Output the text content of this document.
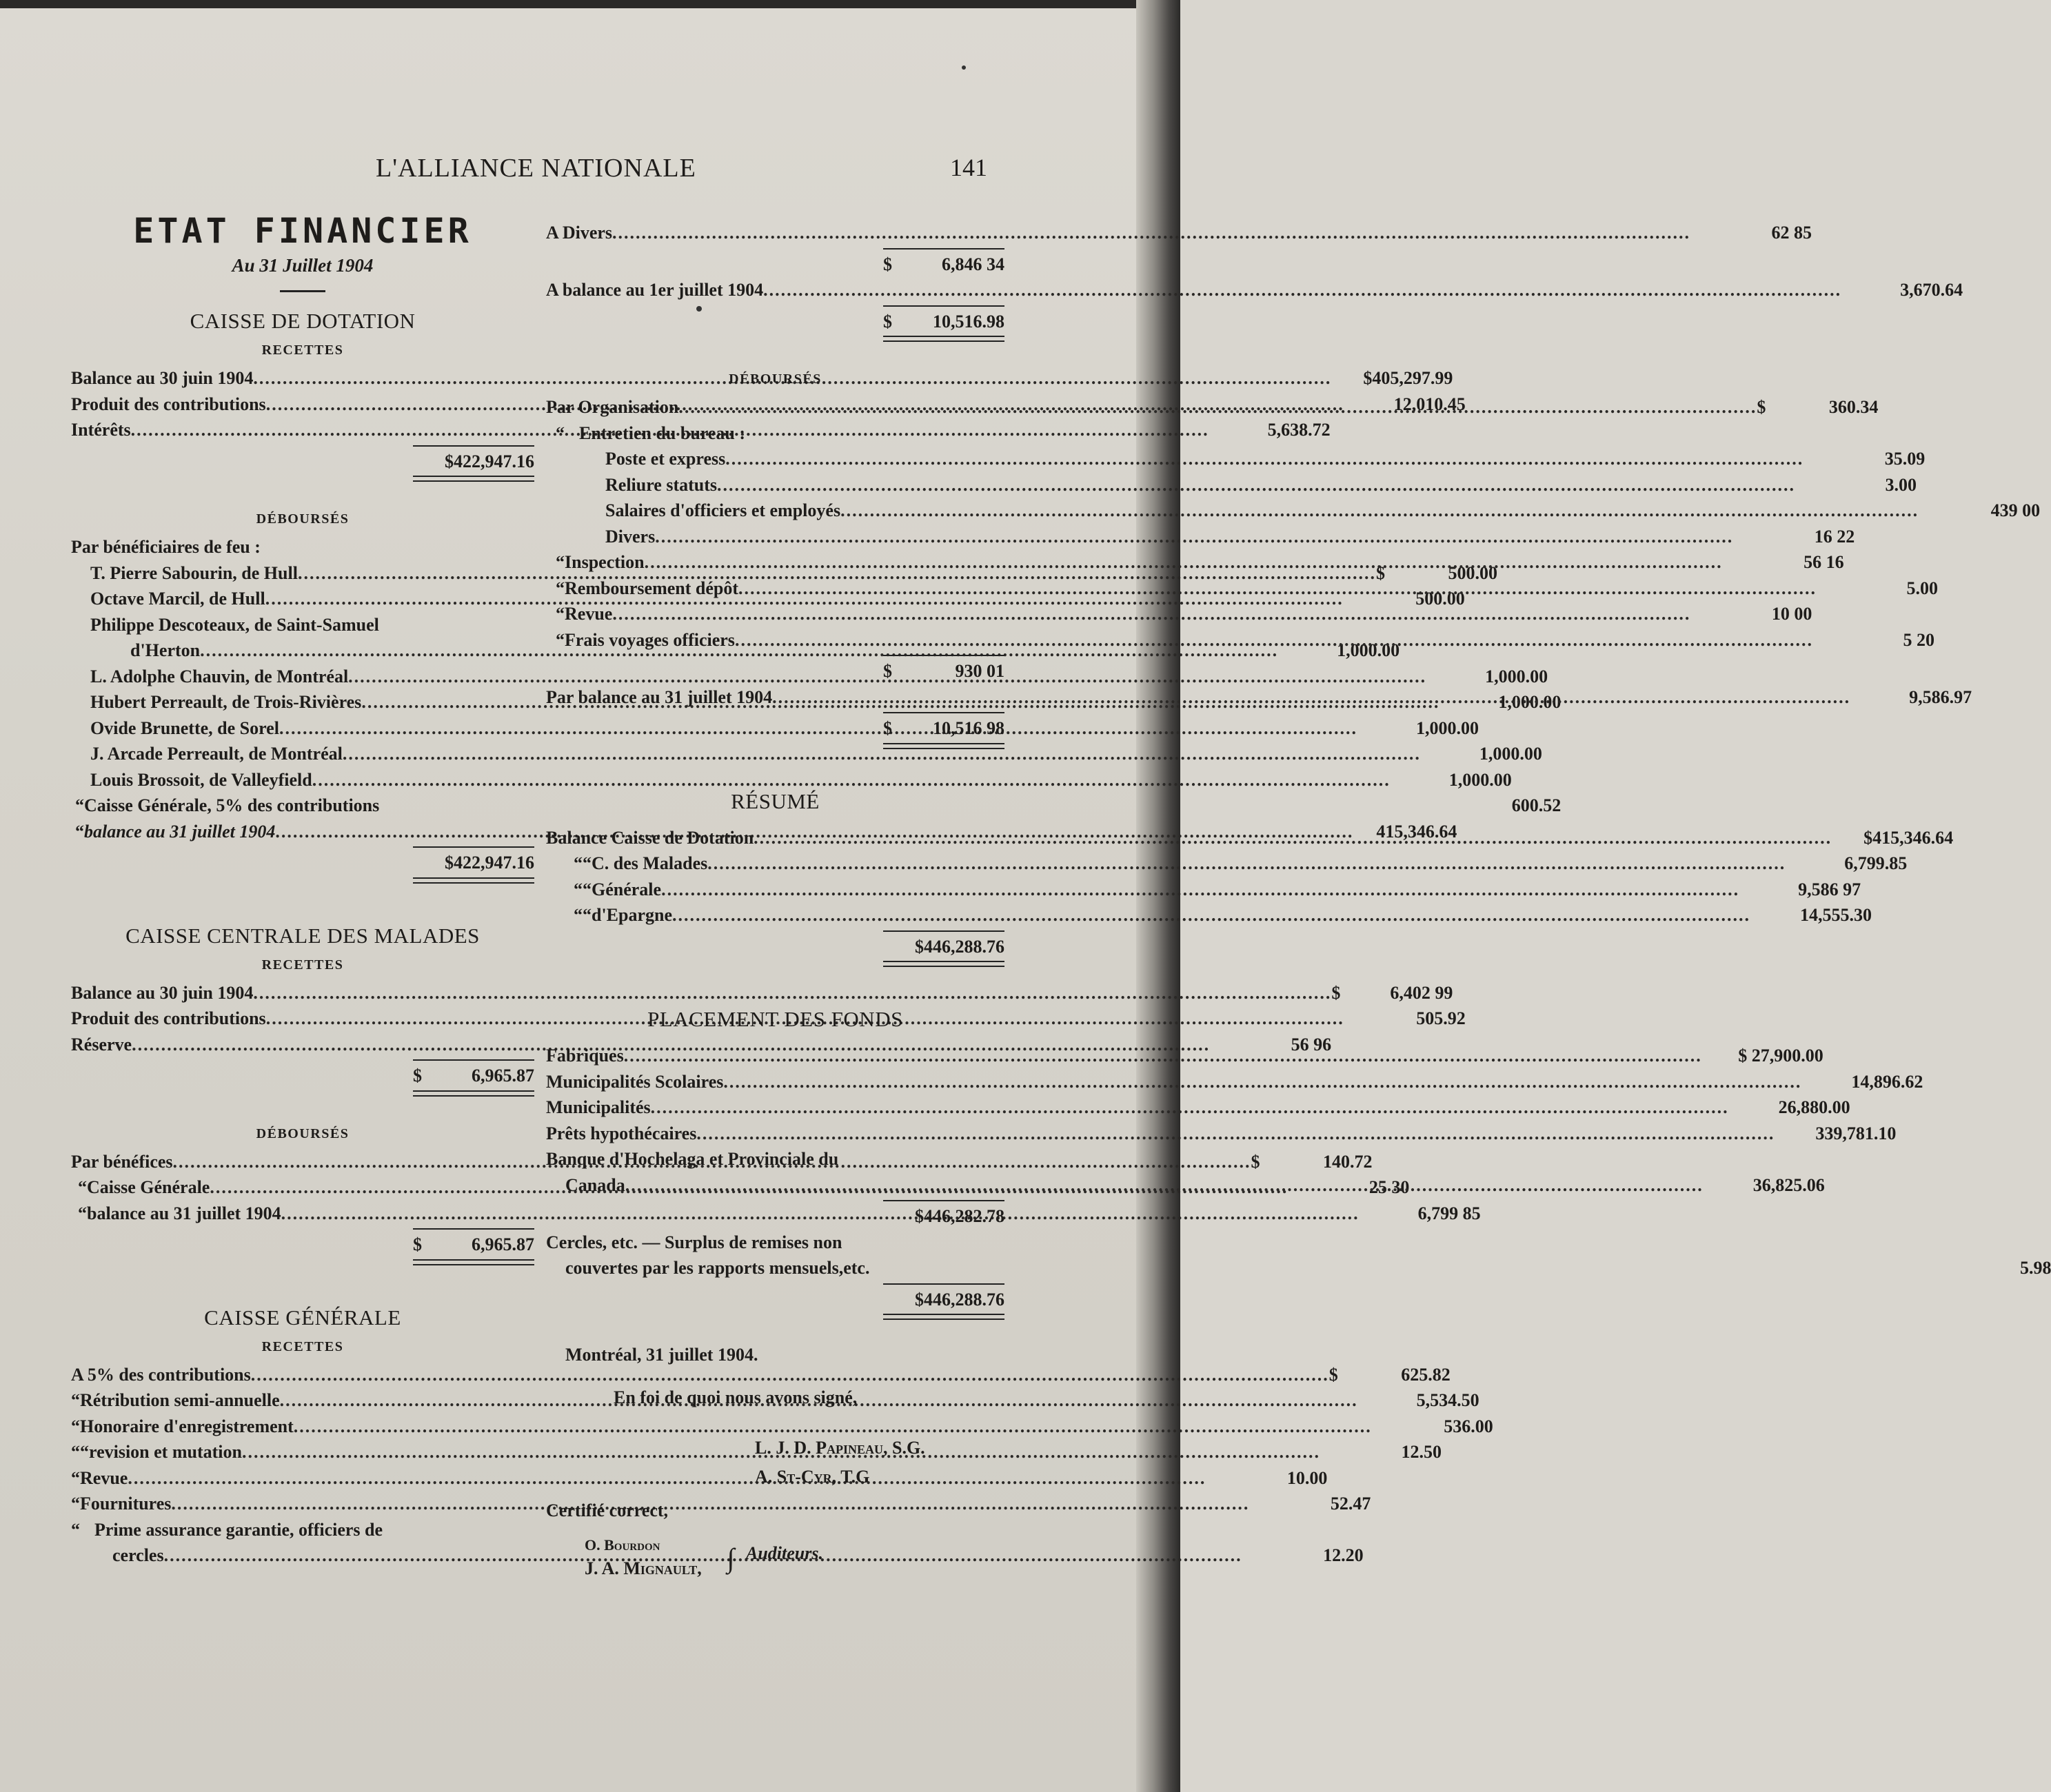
L'ALLIANCE NATIONALE	141
ETAT FINANCIER
Au 31 Juillet 1904
CAISSE DE DOTATION
RECETTES
Balance au 30 juin 1904 .....	$405,297.99
Produit des contributions .....	12,010.45
Intérêts .....	5,638.72
$422,947.16
DÉBOURSÉS
Par bénéficiaires de feu :
T. Pierre Sabourin, de Hull .....	$	500.00
Octave Marcil, de Hull .....	500.00
Philippe Descoteaux, de Saint-Samuel
d'Herton .....	1,000.00
L. Adolphe Chauvin, de Montréal .....	1,000.00
Hubert Perreault, de Trois-Rivières .....	1,000.00
Ovide Brunette, de Sorel .....	1,000.00
J. Arcade Perreault, de Montréal .....	1,000.00
Louis Brossoit, de Valleyfield .....	1,000.00
“ Caisse Générale, 5% des contributions	600.52
“ balance au 31 juillet 1904 .....	415,346.64
$422,947.16
CAISSE CENTRALE DES MALADES
RECETTES
Balance au 30 juin 1904 .....	$	6,402 99
Produit des contributions .....	505.92
Réserve .....	56 96
$	6,965.87
DÉBOURSÉS
Par bénéfices .....	$	140.72
“ Caisse Générale .....	25 30
“ balance au 31 juillet 1904 .....	6,799 85
$	6,965.87
CAISSE GÉNÉRALE
RECETTES
A 5% des contributions .....	$	625.82
“ Rétribution semi-annuelle .....	5,534.50
“ Honoraire d'enregistrement .....	536.00
“ “ revision et mutation .....	12.50
“ Revue .....	10.00
“ Fournitures .....	52.47
“ Prime assurance garantie, officiers de
cercles .....	12.20
A Divers .....	62 85
$	6,846 34
A balance au 1er juillet 1904 .....	3,670.64
$	10,516.98
DÉBOURSÉS
Par Organisation .....	$	360.34
“ Entretien du bureau :
Poste et express .....	35.09
Reliure statuts .....	3.00
Salaires d'officiers et employés .....	439 00
Divers .....	16 22
“ Inspection .....	56 16
“ Remboursement dépôt .....	5.00
“ Revue .....	10 00
“ Frais voyages officiers .....	5 20
$	930 01
Par balance au 31 juillet 1904 .....	9,586.97
$	10,516 98
RÉSUMÉ
Balance Caisse de Dotation .....	$415,346.64
“ “ C. des Malades .....	6,799.85
“ “ Générale .....	9,586 97
“ “ d'Epargne .....	14,555.30
$446,288.76
PLACEMENT DES FONDS
Fabriques .....	$ 27,900.00
Municipalités Scolaires .....	14,896.62
Municipalités .....	26,880.00
Prêts hypothécaires .....	339,781.10
Banque d'Hochelaga et Provinciale du
Canada .....	36,825.06
$446,282.78
Cercles, etc. — Surplus de remises non
couvertes par les rapports mensuels,etc.	5.98
$446,288.76
Montréal, 31 juillet 1904.
En foi de quoi nous avons signé,
L. J. D. Papineau, S.G.
A. St-Cyr, T.G
Certifié correct,
O. Bourdon
J. A. Mignault, ∫ Auditeurs.
